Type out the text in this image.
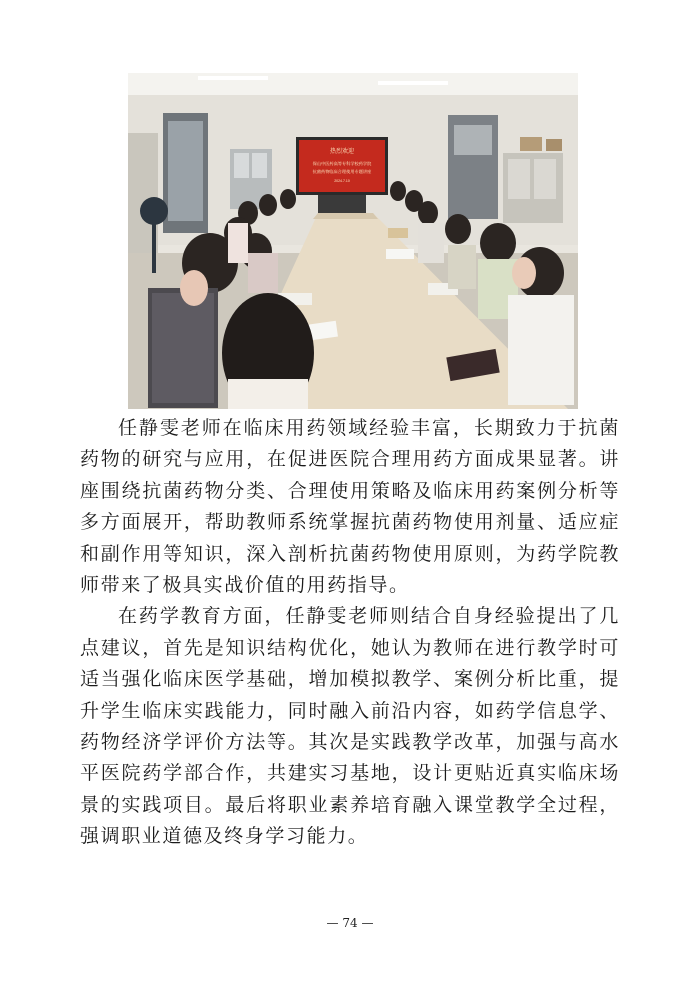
热烈欢迎
保山中医药高等专科学校药学院
抗菌药物临床合理使用专题讲座
2024.7.10

任静雯老师在临床用药领域经验丰富，长期致力于抗菌药物的研究与应用，在促进医院合理用药方面成果显著。讲座围绕抗菌药物分类、合理使用策略及临床用药案例分析等多方面展开，帮助教师系统掌握抗菌药物使用剂量、适应症和副作用等知识，深入剖析抗菌药物使用原则，为药学院教师带来了极具实战价值的用药指导。

在药学教育方面，任静雯老师则结合自身经验提出了几点建议，首先是知识结构优化，她认为教师在进行教学时可适当强化临床医学基础，增加模拟教学、案例分析比重，提升学生临床实践能力，同时融入前沿内容，如药学信息学、药物经济学评价方法等。其次是实践教学改革，加强与高水平医院药学部合作，共建实习基地，设计更贴近真实临床场景的实践项目。最后将职业素养培育融入课堂教学全过程，强调职业道德及终身学习能力。

— 74 —
